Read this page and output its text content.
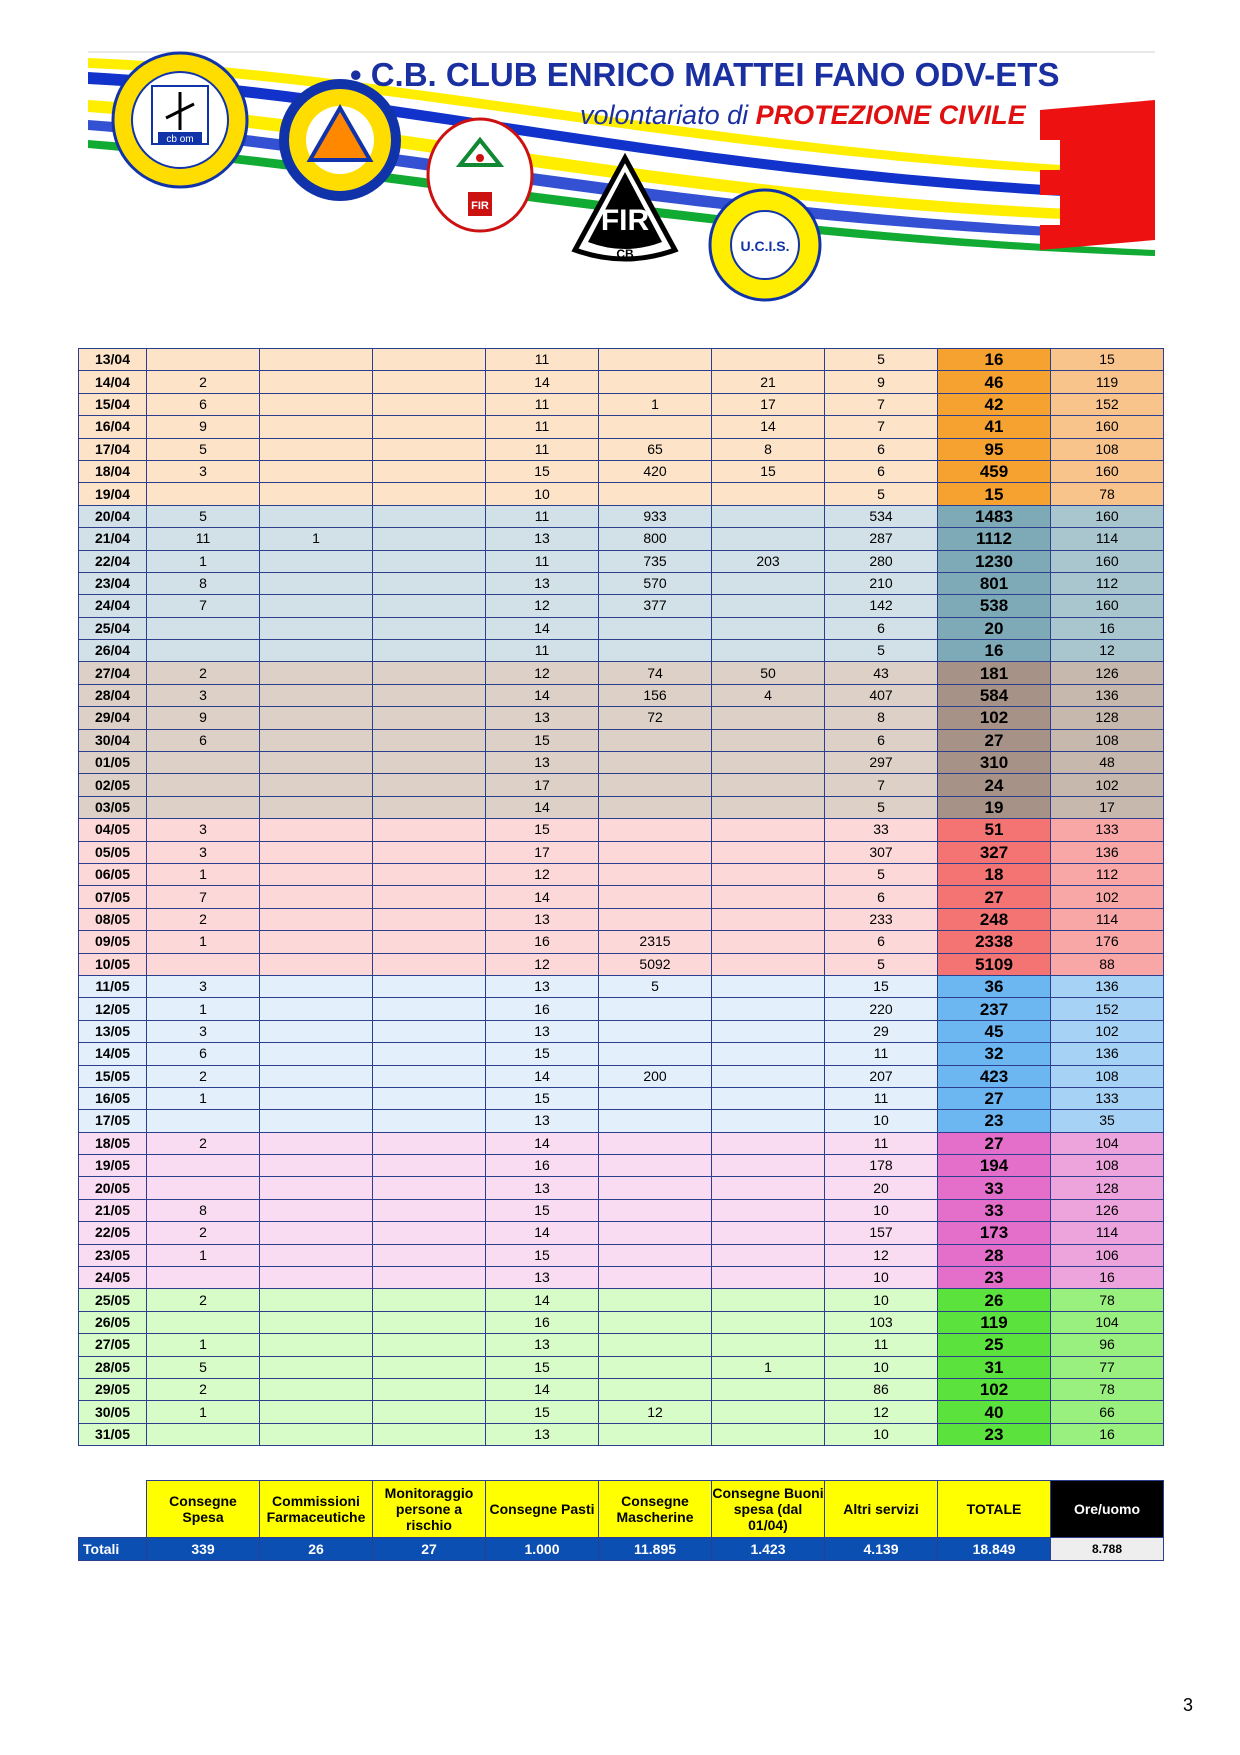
cb om
FIR	FIR
CB	U.C.I.S.
• C.B. CLUB ENRICO MATTEI FANO ODV-ETS
volontariato di PROTEZIONE CIVILE
13/04				11			5	16	15
14/04	2			14		21	9	46	119
15/04	6			11	1	17	7	42	152
16/04	9			11		14	7	41	160
17/04	5			11	65	8	6	95	108
18/04	3			15	420	15	6	459	160
19/04				10			5	15	78
20/04	5			11	933		534	1483	160
21/04	11	1		13	800		287	1112	114
22/04	1			11	735	203	280	1230	160
23/04	8			13	570		210	801	112
24/04	7			12	377		142	538	160
25/04				14			6	20	16
26/04				11			5	16	12
27/04	2			12	74	50	43	181	126
28/04	3			14	156	4	407	584	136
29/04	9			13	72		8	102	128
30/04	6			15			6	27	108
01/05				13			297	310	48
02/05				17			7	24	102
03/05				14			5	19	17
04/05	3			15			33	51	133
05/05	3			17			307	327	136
06/05	1			12			5	18	112
07/05	7			14			6	27	102
08/05	2			13			233	248	114
09/05	1			16	2315		6	2338	176
10/05				12	5092		5	5109	88
11/05	3			13	5		15	36	136
12/05	1			16			220	237	152
13/05	3			13			29	45	102
14/05	6			15			11	32	136
15/05	2			14	200		207	423	108
16/05	1			15			11	27	133
17/05				13			10	23	35
18/05	2			14			11	27	104
19/05				16			178	194	108
20/05				13			20	33	128
21/05	8			15			10	33	126
22/05	2			14			157	173	114
23/05	1			15			12	28	106
24/05				13			10	23	16
25/05	2			14			10	26	78
26/05				16			103	119	104
27/05	1			13			11	25	96
28/05	5			15		1	10	31	77
29/05	2			14			86	102	78
30/05	1			15	12		12	40	66
31/05				13			10	23	16
	Consegne Spesa	Commissioni Farmaceutiche	Monitoraggio persone a rischio	Consegne Pasti	Consegne Mascherine	Consegne Buoni spesa (dal 01/04)	Altri servizi	TOTALE	Ore/uomo
Totali	339	26	27	1.000	11.895	1.423	4.139	18.849	8.788
3
